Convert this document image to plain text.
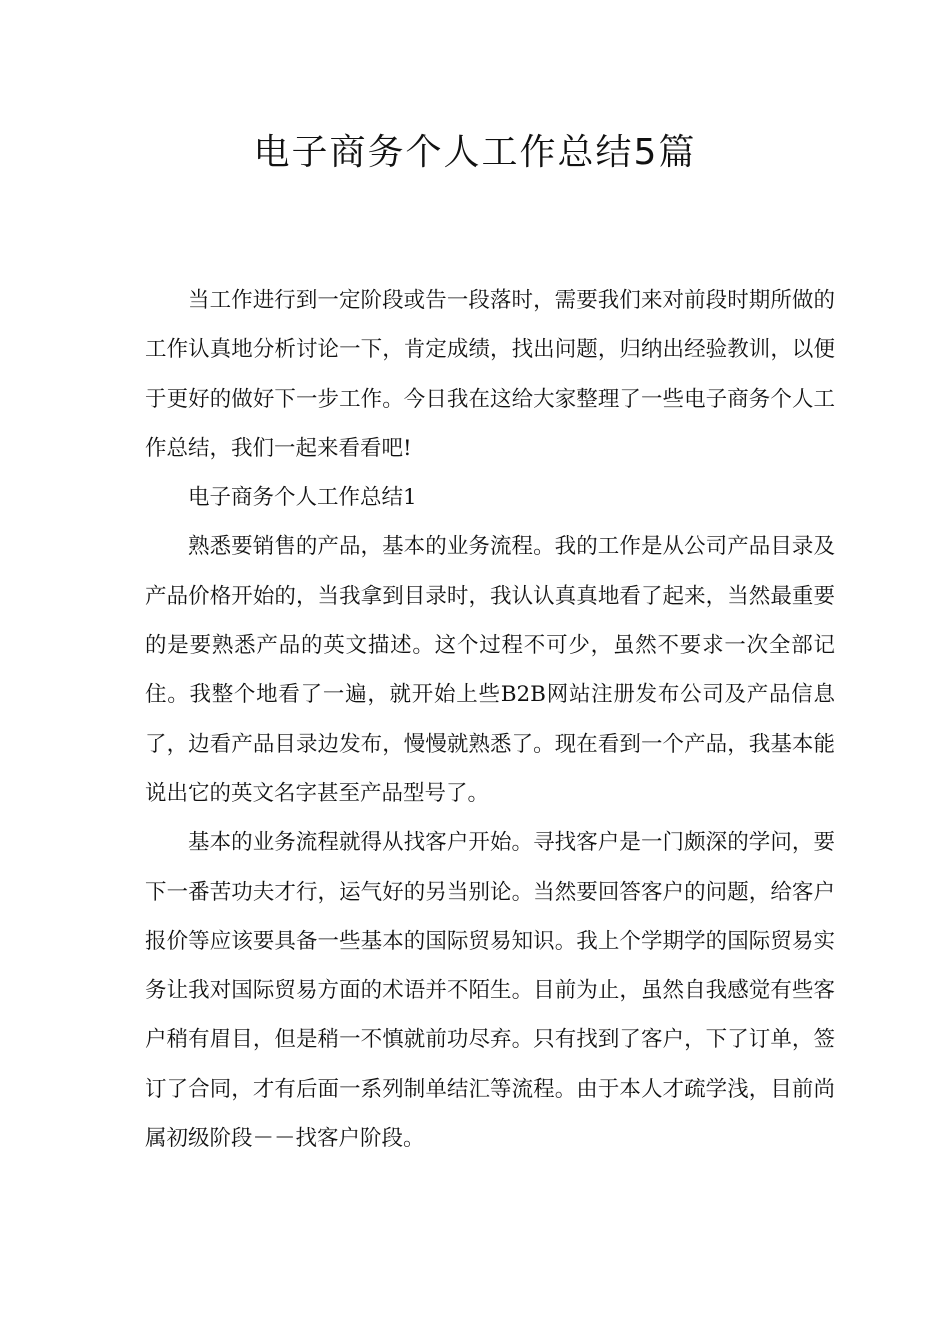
电子商务个人工作总结5篇

当工作进行到一定阶段或告一段落时，需要我们来对前段时期所做的工作认真地分析讨论一下，肯定成绩，找出问题，归纳出经验教训，以便于更好的做好下一步工作。今日我在这给大家整理了一些电子商务个人工作总结，我们一起来看看吧!

电子商务个人工作总结1

熟悉要销售的产品，基本的业务流程。我的工作是从公司产品目录及产品价格开始的，当我拿到目录时，我认认真真地看了起来，当然最重要的是要熟悉产品的英文描述。这个过程不可少，虽然不要求一次全部记住。我整个地看了一遍，就开始上些B2B网站注册发布公司及产品信息了，边看产品目录边发布，慢慢就熟悉了。现在看到一个产品，我基本能说出它的英文名字甚至产品型号了。

基本的业务流程就得从找客户开始。寻找客户是一门颇深的学问，要下一番苦功夫才行，运气好的另当别论。当然要回答客户的问题，给客户报价等应该要具备一些基本的国际贸易知识。我上个学期学的国际贸易实务让我对国际贸易方面的术语并不陌生。目前为止，虽然自我感觉有些客户稍有眉目，但是稍一不慎就前功尽弃。只有找到了客户，下了订单，签订了合同，才有后面一系列制单结汇等流程。由于本人才疏学浅，目前尚属初级阶段－－找客户阶段。
